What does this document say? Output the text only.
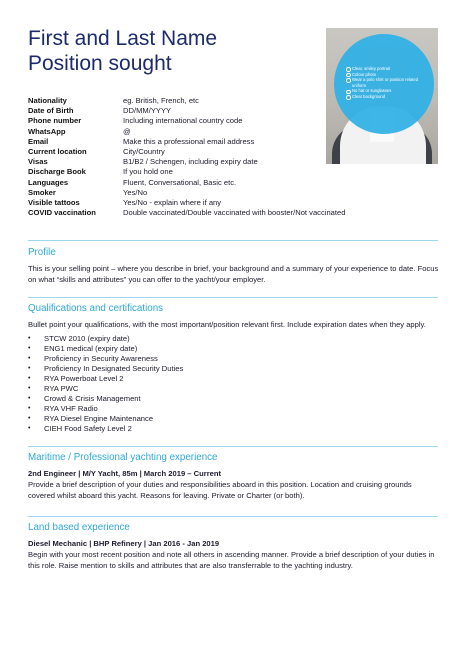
First and Last Name
Position sought	Clear, smiley portrait
Colour photo
Wear a polo shirt or position related uniform
No hat or sunglasses
Clear background
Nationality	eg. British, French, etc
Date of Birth	DD/MM/YYYY
Phone number	Including international country code
WhatsApp	@
Email	Make this a professional email address
Current location	City/Country
Visas	B1/B2 / Schengen, including expiry date
Discharge Book	If you hold one
Languages	Fluent, Conversational, Basic etc.
Smoker	Yes/No
Visible tattoos	Yes/No - explain where if any
COVID vaccination	Double vaccinated/Double vaccinated with booster/Not vaccinated
Profile

This is your selling point – where you describe in brief, your background and a summary of your experience to date. Focus on what “skills and attributes” you can offer to the yacht/your employer.

Qualifications and certifications

Bullet point your qualifications, with the most important/position relevant first. Include expiration dates when they apply.

• STCW 2010 (expiry date)
• ENG1 medical (expiry date)
• Proficiency in Security Awareness
• Proficiency In Designated Security Duties
• RYA Powerboat Level 2
• RYA PWC
• Crowd & Crisis Management
• RYA VHF Radio
• RYA Diesel Engine Maintenance
• CIEH Food Safety Level 2
Maritime / Professional yachting experience

2nd Engineer | M/Y Yacht, 85m | March 2019 – Current

Provide a brief description of your duties and responsibilities aboard in this position. Location and cruising grounds covered whilst aboard this yacht. Reasons for leaving. Private or Charter (or both).

Land based experience

Diesel Mechanic | BHP Refinery | Jan 2016 - Jan 2019

Begin with your most recent position and note all others in ascending manner. Provide a brief description of your duties in this role. Raise mention to skills and attributes that are also transferrable to the yachting industry.
